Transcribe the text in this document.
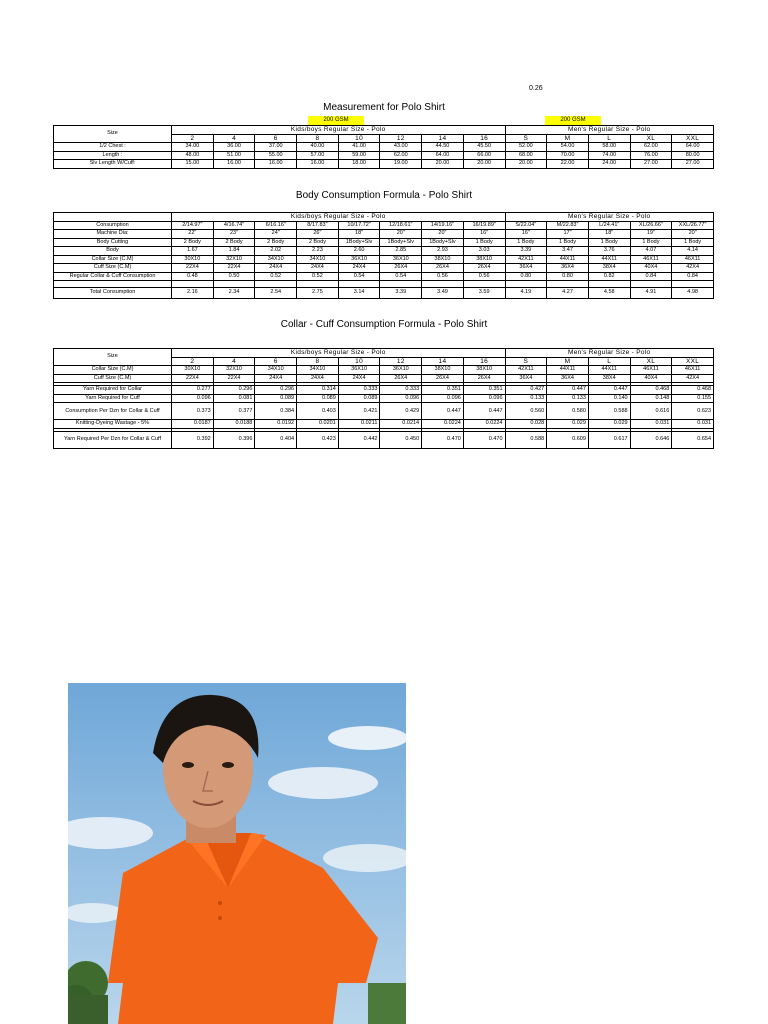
0.26
Measurement for Polo Shirt
200 GSM	200 GSM
Size	Kids/boys Regular Size - Polo								Men's Regular Size - Polo				
	2	4	6	8	10	12	14	16	S	M	L	XL	XXL
1/2 Chest :	34.00	36.00	37.00	40.00	41.00	43.00	44.50	45.50	52.00	54.00	58.00	62.00	64.00
Length :	48.00	51.00	55.00	57.00	59.00	62.00	64.00	66.00	68.00	70.00	74.00	76.00	80.00
Slv Length W/Cuff:	15.00	16.00	16.00	16.00	18.00	19.00	20.00	20.00	20.00	22.00	24.00	27.00	27.00
Body Consumption Formula - Polo Shirt
	Kids/boys Regular Size - Polo								Men's Regular Size - Polo				
Consumption	2/14.97"	4/16.74"	6/16.16"	8/17.83"	10/17.72"	12/18.61"	14/19.16"	16/19.89"	S/22.04"	M/22.83"	L/24.41"	XL/26.66"	XXL/26.77"
Machine Dia:	22"	23"	24"	26"	18"	20"	20"	16"	16"	17"	18"	19"	20"
Body Cutting	2 Body	2 Body	2 Body	2 Body	1Body+Slv	1Body+Slv	1Body+Slv	1 Body	1 Body	1 Body	1 Body	1 Body	1 Body
Body	1.67	1.84	2.02	2.23	2.60	2.85	2.93	3.03	3.39	3.47	3.76	4.07	4.14
Collar Size (C.M)	30X10	32X10	34X10	34X10	36X10	36X10	38X10	38X10	42X11	44X11	44X11	46X11	46X11
Cuff Size (C.M)	22X4	22X4	24X4	24X4	24X4	26X4	26X4	26X4	36X4	36X4	38X4	40X4	42X4
Regular Collar & Cuff Consumption	0.48	0.50	0.52	0.52	0.54	0.54	0.56	0.56	0.80	0.80	0.82	0.84	0.84

Total Consumption	2.16	2.34	2.54	2.75	3.14	3.39	3.49	3.59	4.19	4.27	4.58	4.91	4.98
Collar - Cuff Consumption Formula - Polo Shirt
Size	Kids/boys Regular Size - Polo								Men's Regular Size - Polo				
	2	4	6	8	10	12	14	16	S	M	L	XL	XXL
Collar Size (C.M)	30X10	32X10	34X10	34X10	36X10	36X10	38X10	38X10	42X11	44X11	44X11	46X11	46X11
Cuff Size (C.M)	22X4	22X4	24X4	24X4	24X4	26X4	26X4	26X4	36X4	36X4	38X4	40X4	42X4

Yarn Required for Collar	0.277	0.296	0.296	0.314	0.333	0.333	0.351	0.351	0.427	0.447	0.447	0.468	0.468
Yarn Required for Cuff	0.096	0.081	0.089	0.089	0.089	0.096	0.096	0.096	0.133	0.133	0.140	0.148	0.155
Consumption Per Dzn for Collar & Cuff	0.373	0.377	0.384	0.403	0.421	0.429	0.447	0.447	0.560	0.580	0.588	0.616	0.623
Knitting-Dyeing Wastage - 5%	0.0187	0.0188	0.0192	0.0201	0.0211	0.0214	0.0224	0.0224	0.028	0.029	0.029	0.031	0.031

Yarn Required Per Dzn for Collar & Cuff	0.392	0.396	0.404	0.423	0.442	0.450	0.470	0.470	0.588	0.609	0.617	0.646	0.654
